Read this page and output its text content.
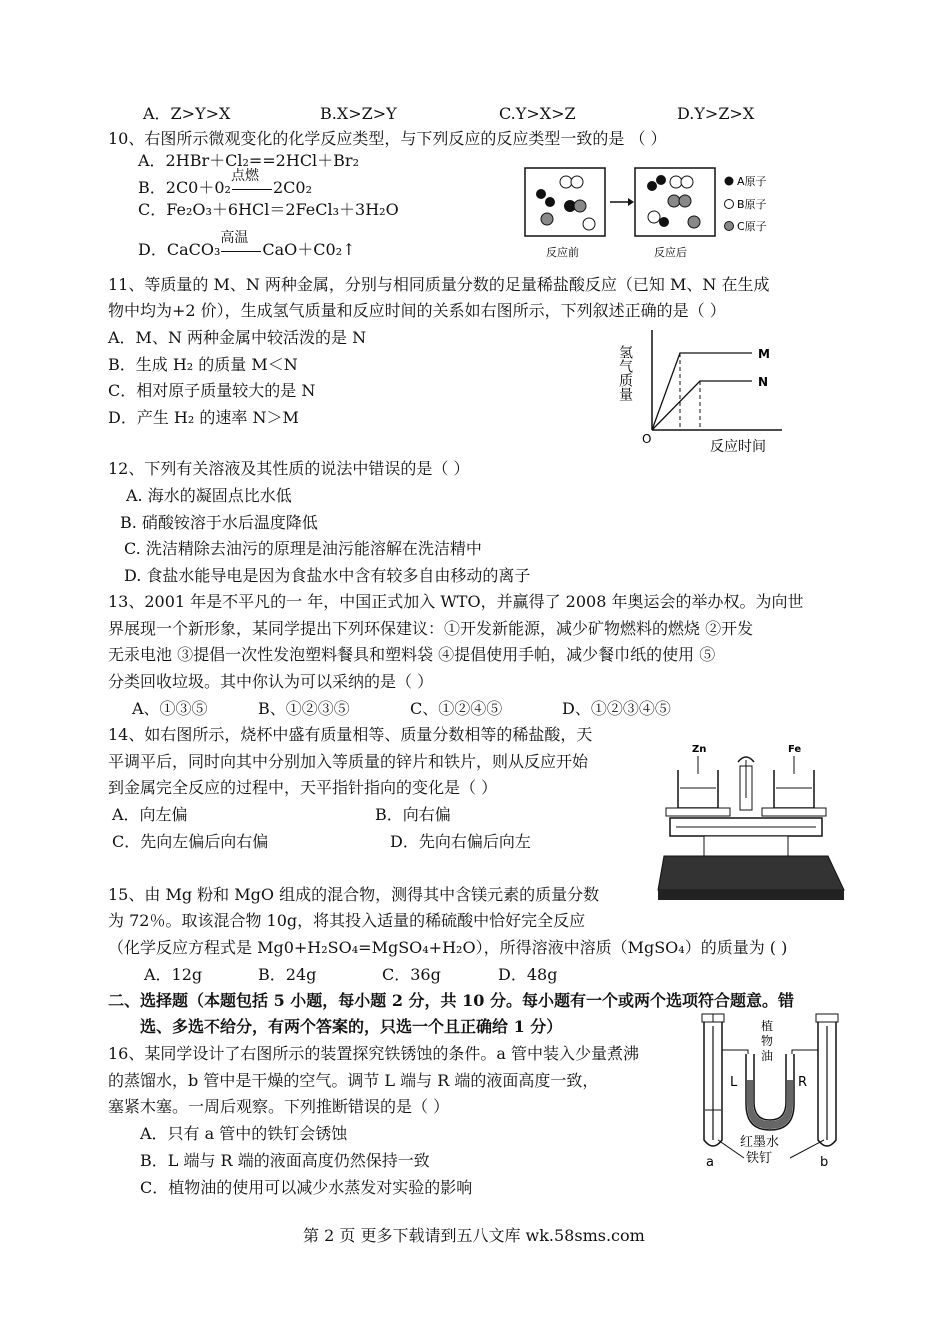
A．Z>Y>X	B.X>Z>Y	C.Y>X>Z	D.Y>Z>X
10、右图所示微观变化的化学反应类型，与下列反应的反应类型一致的是 （ ）
A．2HBr＋Cl₂==2HCl＋Br₂
B．2C0＋0₂
点燃
2C0₂
C．Fe₂O₃＋6HCl＝2FeCl₃＋3H₂O
D．CaCO₃
高温
CaO＋C0₂↑	反应前	反应后
A原子
B原子
C原子
11、等质量的 M、N 两种金属，分别与相同质量分数的足量稀盐酸反应（已知 M、N 在生成
物中均为+2 价），生成氢气质量和反应时间的关系如右图所示，下列叙述正确的是（ ）
A．M、N 两种金属中较活泼的是 N
B．生成 H₂ 的质量 M＜N
C．相对原子质量较大的是 N
D．产生 H₂ 的速率 N＞M
M
N
O	反应时间
氢气质量
12、下列有关溶液及其性质的说法中错误的是（ ）
A. 海水的凝固点比水低
B. 硝酸铵溶于水后温度降低
C. 洗洁精除去油污的原理是油污能溶解在洗洁精中
D. 食盐水能导电是因为食盐水中含有较多自由移动的离子
13、2001 年是不平凡的一 年，中国正式加入 WTO，并赢得了 2008 年奥运会的举办权。为向世
界展现一个新形象，某同学提出下列环保建议：①开发新能源，减少矿物燃料的燃烧 ②开发
无汞电池 ③提倡一次性发泡塑料餐具和塑料袋 ④提倡使用手帕，减少餐巾纸的使用 ⑤
分类回收垃圾。其中你认为可以采纳的是（ ）
A、①③⑤	B、①②③⑤	C、①②④⑤	D、①②③④⑤
14、如右图所示，烧杯中盛有质量相等、质量分数相等的稀盐酸，天
平调平后，同时向其中分别加入等质量的锌片和铁片，则从反应开始
到金属完全反应的过程中，天平指针指向的变化是（ ）
A．向左偏	B．向右偏
C．先向左偏后向右偏	D．先向右偏后向左
Zn	Fe
15、由 Mg 粉和 MgO 组成的混合物，测得其中含镁元素的质量分数
为 72％。取该混合物 10g，将其投入适量的稀硫酸中恰好完全反应
（化学反应方程式是 Mg0+H₂SO₄=MgSO₄+H₂O），所得溶液中溶质（MgSO₄）的质量为 ( )
A．12g	B．24g	C．36g	D．48g
二、选择题（本题包括 5 小题，每小题 2 分，共 10 分。每小题有一个或两个选项符合题意。错
选、多选不给分，有两个答案的，只选一个且正确给 1 分）
16、某同学设计了右图所示的装置探究铁锈蚀的条件。a 管中装入少量煮沸
的蒸馏水，b 管中是干燥的空气。调节 L 端与 R 端的液面高度一致，
塞紧木塞。一周后观察。下列推断错误的是（ ）
A．只有 a 管中的铁钉会锈蚀
B．L 端与 R 端的液面高度仍然保持一致
C．植物油的使用可以减少水蒸发对实验的影响
植
物
油
L	R
红墨水
铁钉
a	b
第 2 页 更多下载请到五八文库 wk.58sms.com
